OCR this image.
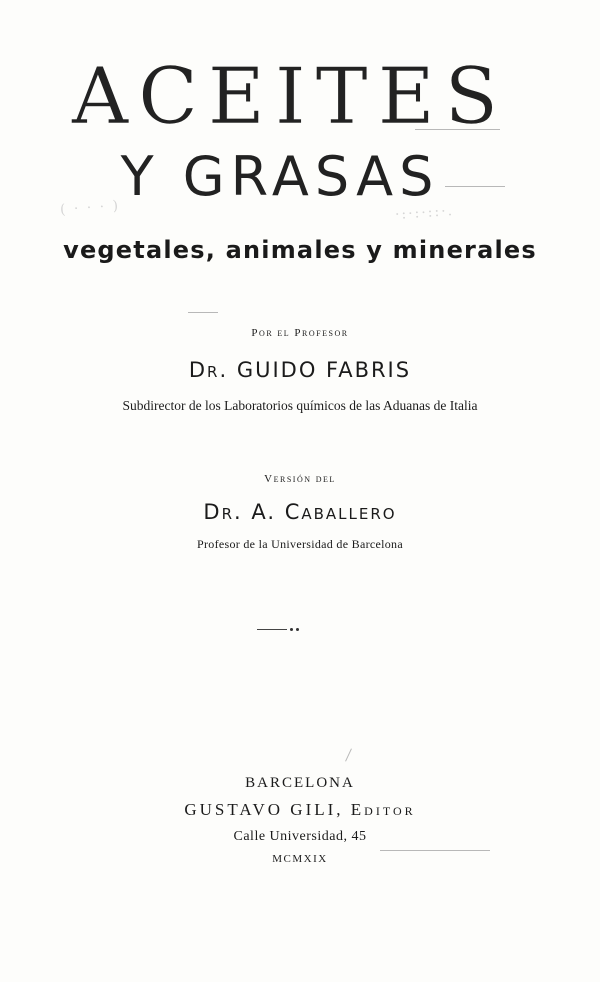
·:·:·::·.
( · · · )
ACEITES
Y GRASAS
vegetales, animales y minerales
Por el Profesor
Dr. GUIDO FABRIS
Subdirector de los Laboratorios químicos de las Aduanas de Italia
Versión del
Dr. A. Caballero
Profesor de la Universidad de Barcelona
BARCELONA
GUSTAVO GILI, Editor
Calle Universidad, 45
MCMXIX
